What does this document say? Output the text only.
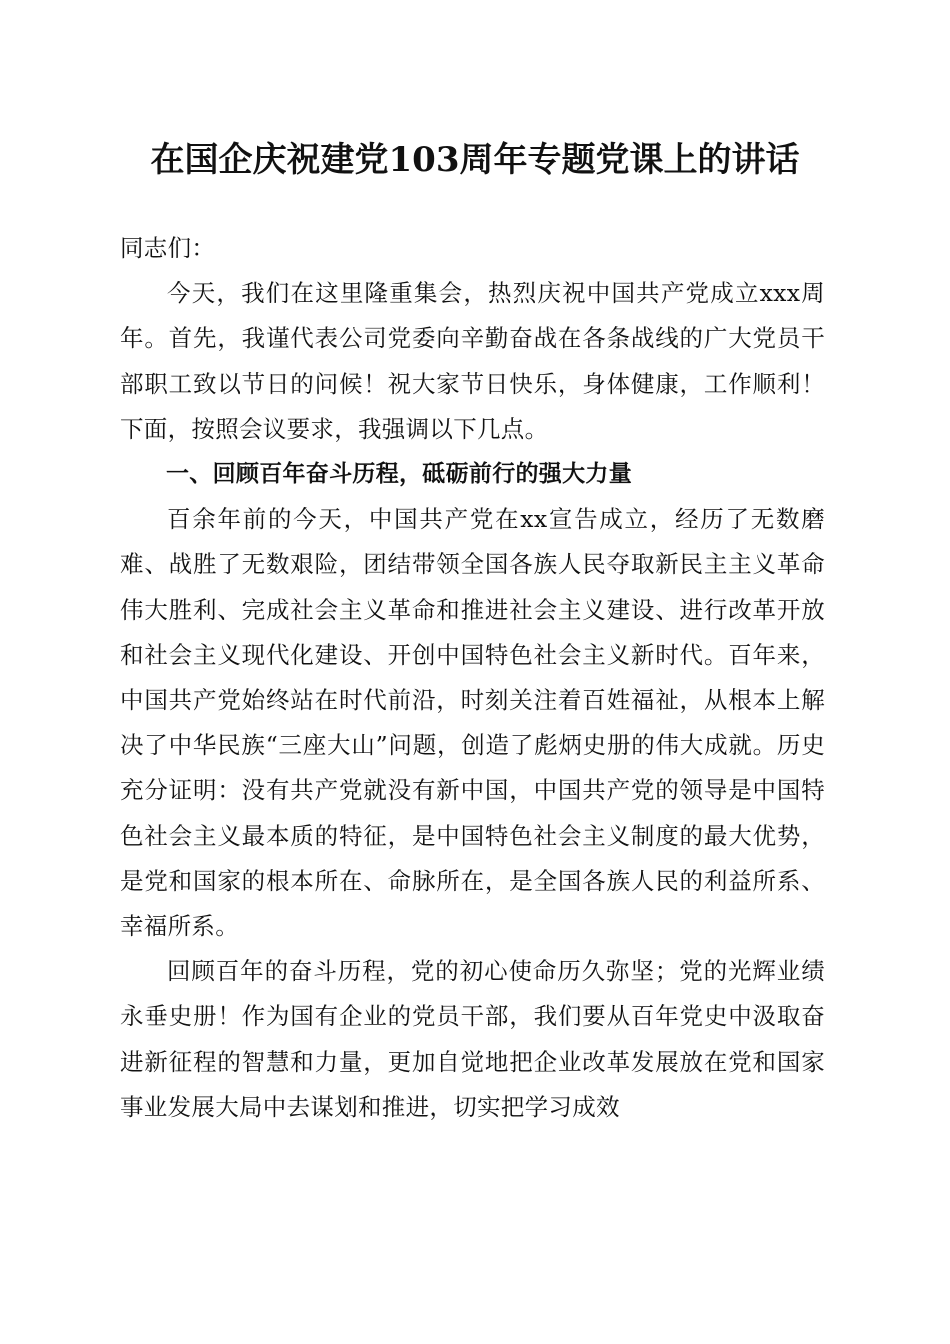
在国企庆祝建党103周年专题党课上的讲话

同志们：

今天，我们在这里隆重集会，热烈庆祝中国共产党成立xxx周年。首先，我谨代表公司党委向辛勤奋战在各条战线的广大党员干部职工致以节日的问候！祝大家节日快乐，身体健康，工作顺利！下面，按照会议要求，我强调以下几点。

一、回顾百年奋斗历程，砥砺前行的强大力量

百余年前的今天，中国共产党在xx宣告成立，经历了无数磨难、战胜了无数艰险，团结带领全国各族人民夺取新民主主义革命伟大胜利、完成社会主义革命和推进社会主义建设、进行改革开放和社会主义现代化建设、开创中国特色社会主义新时代。百年来，中国共产党始终站在时代前沿，时刻关注着百姓福祉，从根本上解决了中华民族“三座大山”问题，创造了彪炳史册的伟大成就。历史充分证明：没有共产党就没有新中国，中国共产党的领导是中国特色社会主义最本质的特征，是中国特色社会主义制度的最大优势，是党和国家的根本所在、命脉所在，是全国各族人民的利益所系、幸福所系。

回顾百年的奋斗历程，党的初心使命历久弥坚；党的光辉业绩永垂史册！作为国有企业的党员干部，我们要从百年党史中汲取奋进新征程的智慧和力量，更加自觉地把企业改革发展放在党和国家事业发展大局中去谋划和推进，切实把学习成效
